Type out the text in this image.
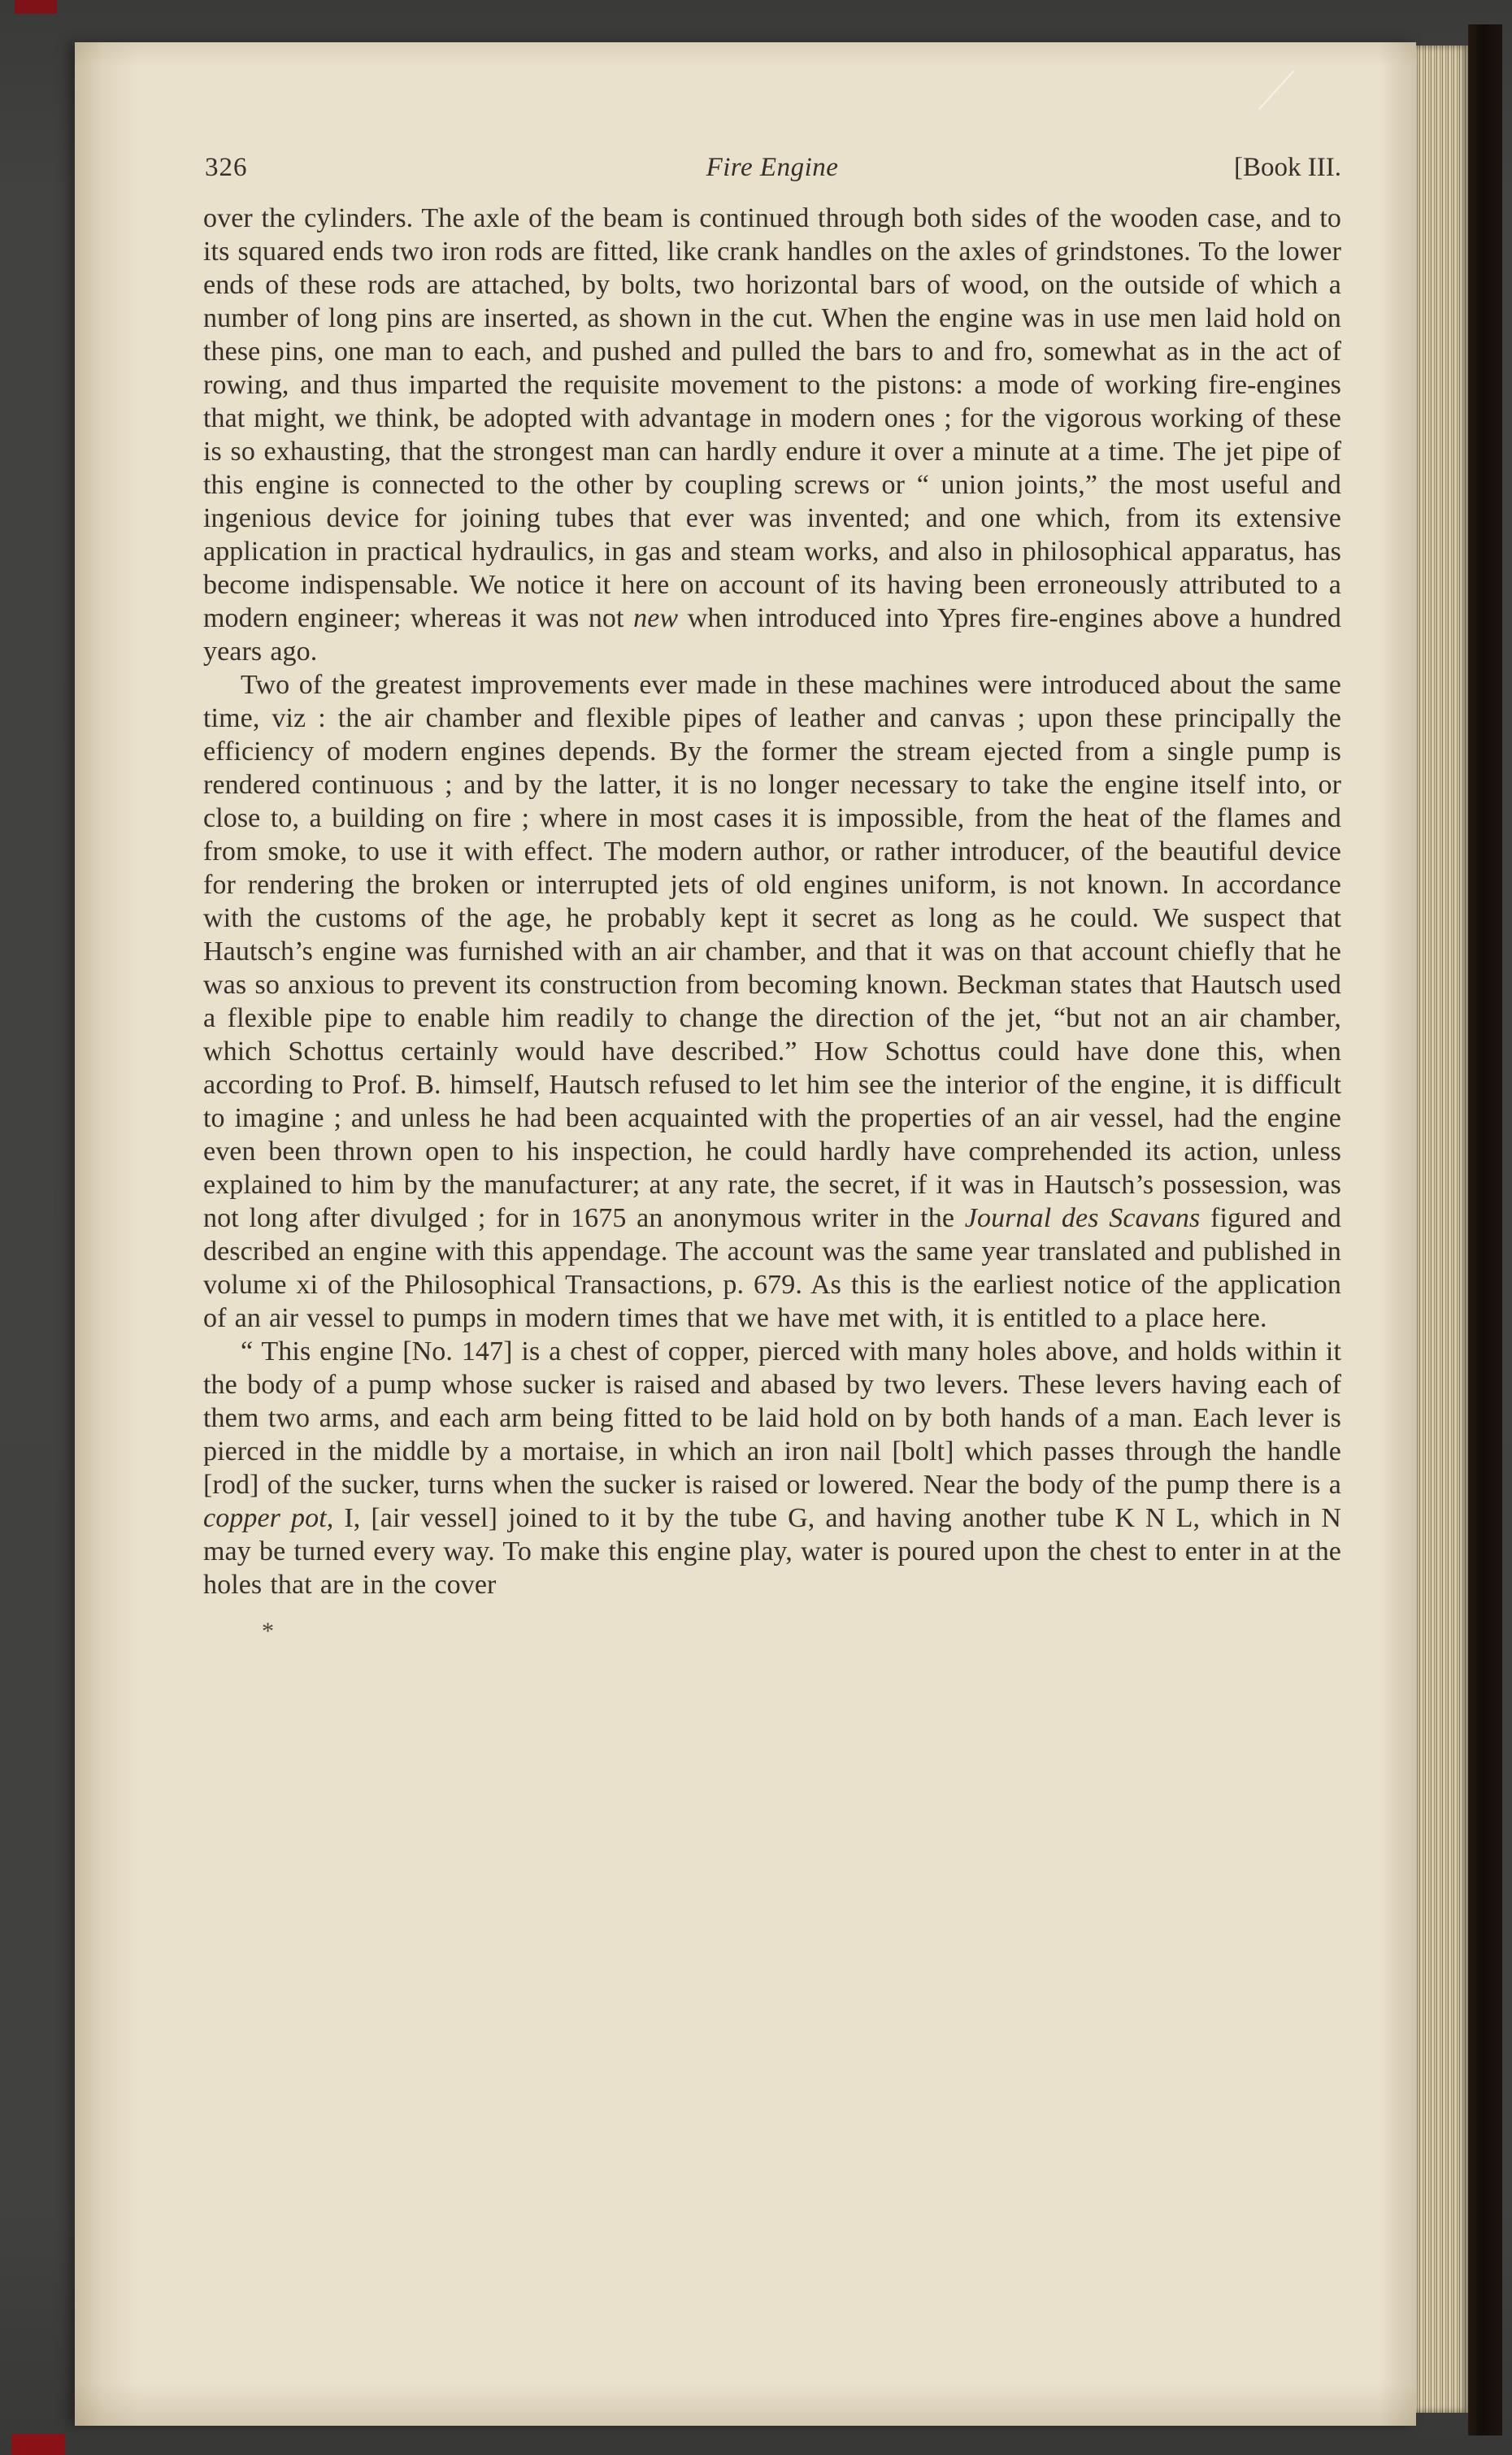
326	Fire Engine	[Book III.

over the cylinders. The axle of the beam is continued through both sides of the wooden case, and to its squared ends two iron rods are fitted, like crank handles on the axles of grindstones. To the lower ends of these rods are attached, by bolts, two horizontal bars of wood, on the outside of which a number of long pins are inserted, as shown in the cut. When the engine was in use men laid hold on these pins, one man to each, and pushed and pulled the bars to and fro, somewhat as in the act of rowing, and thus imparted the requisite movement to the pistons: a mode of working fire-engines that might, we think, be adopted with advantage in modern ones ; for the vigorous working of these is so exhausting, that the strongest man can hardly endure it over a minute at a time. The jet pipe of this engine is connected to the other by coupling screws or “ union joints,” the most useful and ingenious device for joining tubes that ever was invented; and one which, from its extensive application in practical hydraulics, in gas and steam works, and also in philosophical apparatus, has become indispensable. We notice it here on account of its having been erroneously attributed to a modern engineer; whereas it was not new when introduced into Ypres fire-engines above a hundred years ago.

Two of the greatest improvements ever made in these machines were introduced about the same time, viz : the air chamber and flexible pipes of leather and canvas ; upon these principally the efficiency of modern engines depends. By the former the stream ejected from a single pump is rendered continuous ; and by the latter, it is no longer necessary to take the engine itself into, or close to, a building on fire ; where in most cases it is impossible, from the heat of the flames and from smoke, to use it with effect. The modern author, or rather introducer, of the beautiful device for rendering the broken or interrupted jets of old engines uniform, is not known. In accordance with the customs of the age, he probably kept it secret as long as he could. We suspect that Hautsch’s engine was furnished with an air chamber, and that it was on that account chiefly that he was so anxious to prevent its construction from becoming known. Beckman states that Hautsch used a flexible pipe to enable him readily to change the direction of the jet, “but not an air chamber, which Schottus certainly would have described.” How Schottus could have done this, when according to Prof. B. himself, Hautsch refused to let him see the interior of the engine, it is difficult to imagine ; and unless he had been acquainted with the properties of an air vessel, had the engine even been thrown open to his inspection, he could hardly have comprehended its action, unless explained to him by the manufacturer; at any rate, the secret, if it was in Hautsch’s possession, was not long after divulged ; for in 1675 an anonymous writer in the Journal des Scavans figured and described an engine with this appendage. The account was the same year translated and published in volume xi of the Philosophical Transactions, p. 679. As this is the earliest notice of the application of an air vessel to pumps in modern times that we have met with, it is entitled to a place here.

“ This engine [No. 147] is a chest of copper, pierced with many holes above, and holds within it the body of a pump whose sucker is raised and abased by two levers. These levers having each of them two arms, and each arm being fitted to be laid hold on by both hands of a man. Each lever is pierced in the middle by a mortaise, in which an iron nail [bolt] which passes through the handle [rod] of the sucker, turns when the sucker is raised or lowered. Near the body of the pump there is a copper pot, I, [air vessel] joined to it by the tube G, and having another tube K N L, which in N may be turned every way. To make this engine play, water is poured upon the chest to enter in at the holes that are in the cover

*
